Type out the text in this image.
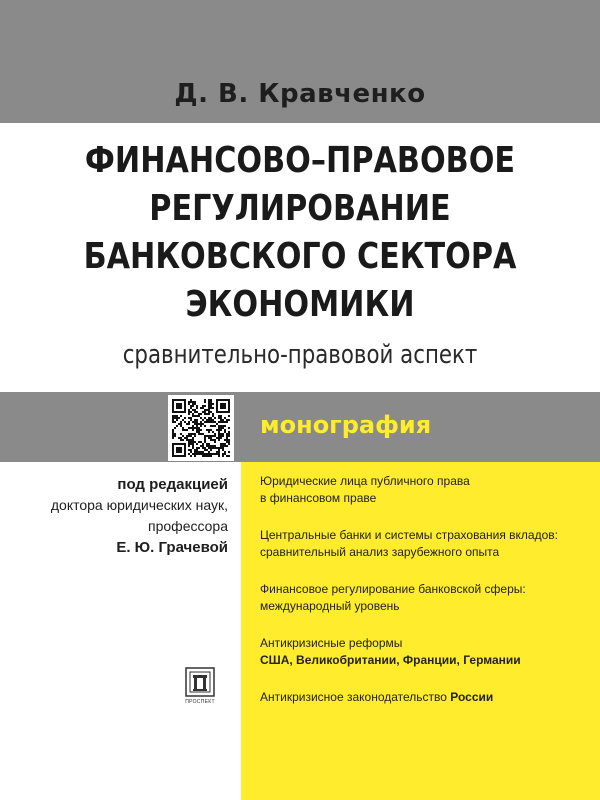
Д. В. Кравченко
ФИНАНСОВО–ПРАВОВОЕ
РЕГУЛИРОВАНИЕ
БАНКОВСКОГО СЕКТОРА
ЭКОНОМИКИ
сравнительно-правовой аспект
монография
под редакцией
доктора юридических наук,
профессора
Е. Ю. Грачевой
Юридические лица публичного права
в финансовом праве
Центральные банки и системы страхования вкладов:
сравнительный анализ зарубежного опыта
Финансовое регулирование банковской сферы:
международный уровень
Антикризисные реформы
США, Великобритании, Франции, Германии
Антикризисное законодательство России
ПРОСПЕКТ
